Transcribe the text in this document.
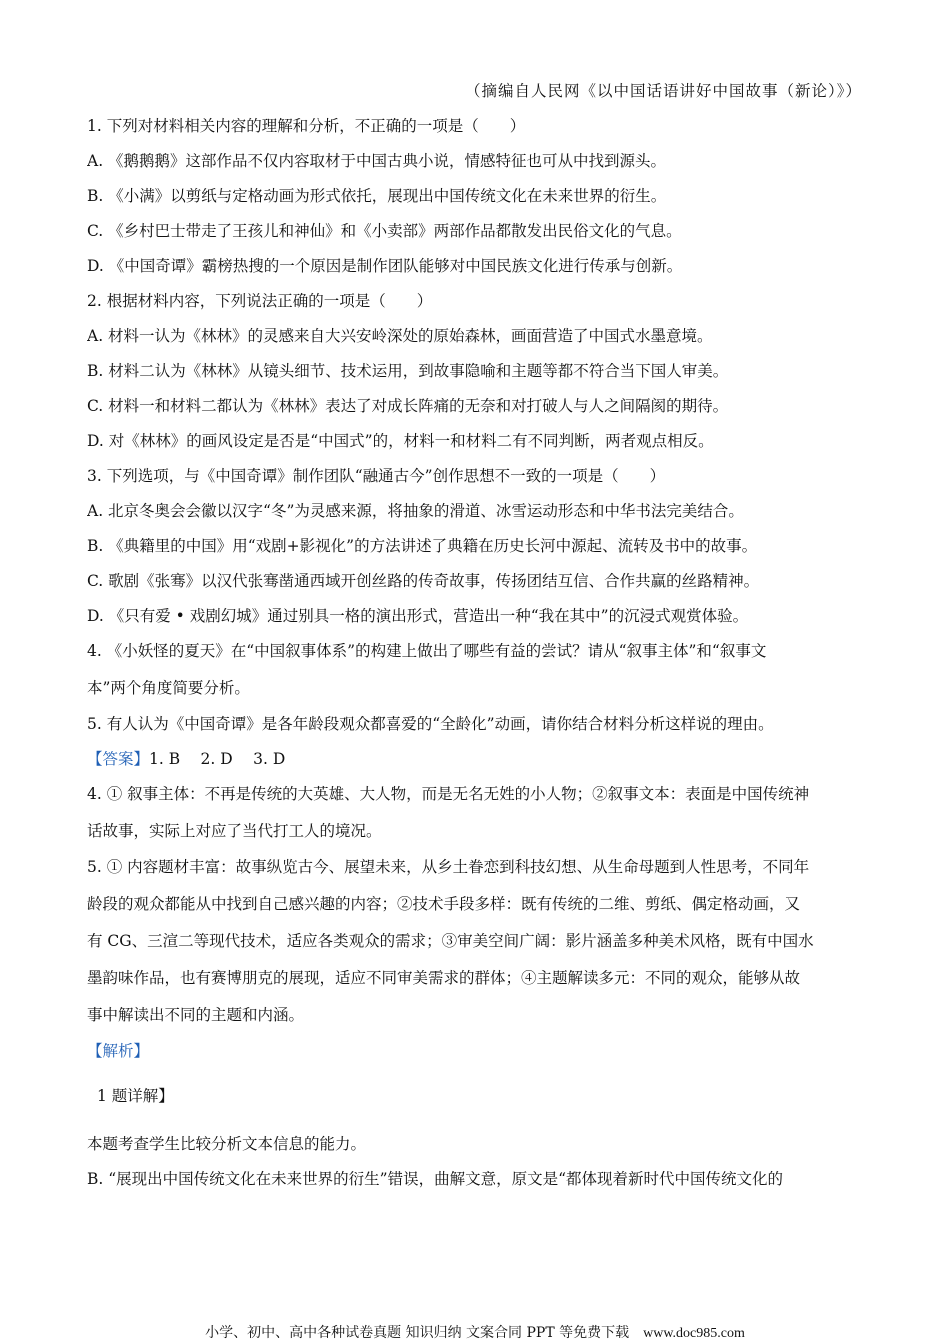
（摘编自人民网《以中国话语讲好中国故事（新论）》）
1. 下列对材料相关内容的理解和分析，不正确的一项是（　　）
A. 《鹅鹅鹅》这部作品不仅内容取材于中国古典小说，情感特征也可从中找到源头。
B. 《小满》以剪纸与定格动画为形式依托，展现出中国传统文化在未来世界的衍生。
C. 《乡村巴士带走了王孩儿和神仙》和《小卖部》两部作品都散发出民俗文化的气息。
D. 《中国奇谭》霸榜热搜的一个原因是制作团队能够对中国民族文化进行传承与创新。
2. 根据材料内容，下列说法正确的一项是（　　）
A. 材料一认为《林林》的灵感来自大兴安岭深处的原始森林，画面营造了中国式水墨意境。
B. 材料二认为《林林》从镜头细节、技术运用，到故事隐喻和主题等都不符合当下国人审美。
C. 材料一和材料二都认为《林林》表达了对成长阵痛的无奈和对打破人与人之间隔阂的期待。
D. 对《林林》的画风设定是否是“中国式”的，材料一和材料二有不同判断，两者观点相反。
3. 下列选项，与《中国奇谭》制作团队“融通古今”创作思想不一致的一项是（　　）
A. 北京冬奥会会徽以汉字“冬”为灵感来源，将抽象的滑道、冰雪运动形态和中华书法完美结合。
B. 《典籍里的中国》用“戏剧+影视化”的方法讲述了典籍在历史长河中源起、流转及书中的故事。
C. 歌剧《张骞》以汉代张骞凿通西域开创丝路的传奇故事，传扬团结互信、合作共赢的丝路精神。
D. 《只有爱 • 戏剧幻城》通过别具一格的演出形式，营造出一种“我在其中”的沉浸式观赏体验。
4. 《小妖怪的夏天》在“中国叙事体系”的构建上做出了哪些有益的尝试？请从“叙事主体”和“叙事文
本”两个角度简要分析。
5. 有人认为《中国奇谭》是各年龄段观众都喜爱的“全龄化”动画，请你结合材料分析这样说的理由。
【答案】1. B　 2. D　 3. D
4. ① 叙事主体：不再是传统的大英雄、大人物，而是无名无姓的小人物；②叙事文本：表面是中国传统神
话故事，实际上对应了当代打工人的境况。
5. ① 内容题材丰富：故事纵览古今、展望未来，从乡土眷恋到科技幻想、从生命母题到人性思考，不同年
龄段的观众都能从中找到自己感兴趣的内容；②技术手段多样：既有传统的二维、剪纸、偶定格动画，又
有 CG、三渲二等现代技术，适应各类观众的需求；③审美空间广阔：影片涵盖多种美术风格，既有中国水
墨韵味作品，也有赛博朋克的展现，适应不同审美需求的群体；④主题解读多元：不同的观众，能够从故
事中解读出不同的主题和内涵。
【解析】
1 题详解】
本题考查学生比较分析文本信息的能力。
B. “展现出中国传统文化在未来世界的衍生”错误，曲解文意，原文是“都体现着新时代中国传统文化的
小学、初中、高中各种试卷真题 知识归纳 文案合同 PPT 等免费下载 www.doc985.com
